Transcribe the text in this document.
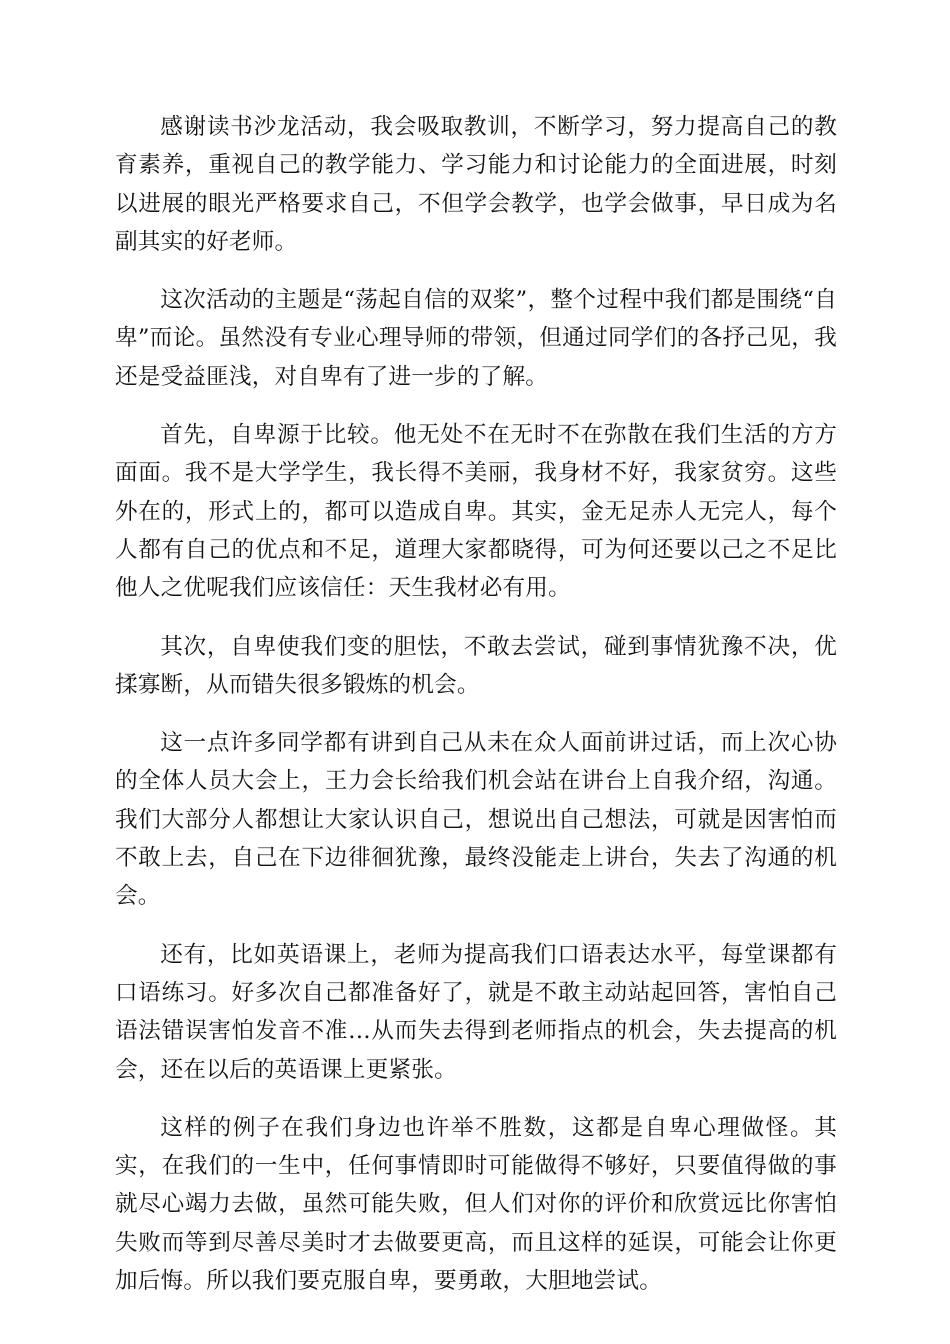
感谢读书沙龙活动，我会吸取教训，不断学习，努力提高自己的教育素养，重视自己的教学能力、学习能力和讨论能力的全面进展，时刻以进展的眼光严格要求自己，不但学会教学，也学会做事，早日成为名副其实的好老师。

这次活动的主题是“荡起自信的双桨”，整个过程中我们都是围绕“自卑”而论。虽然没有专业心理导师的带领，但通过同学们的各抒己见，我还是受益匪浅，对自卑有了进一步的了解。

首先，自卑源于比较。他无处不在无时不在弥散在我们生活的方方面面。我不是大学学生，我长得不美丽，我身材不好，我家贫穷。这些外在的，形式上的，都可以造成自卑。其实，金无足赤人无完人，每个人都有自己的优点和不足，道理大家都晓得，可为何还要以己之不足比他人之优呢我们应该信任：天生我材必有用。

其次，自卑使我们变的胆怯，不敢去尝试，碰到事情犹豫不决，优揉寡断，从而错失很多锻炼的机会。

这一点许多同学都有讲到自己从未在众人面前讲过话，而上次心协的全体人员大会上，王力会长给我们机会站在讲台上自我介绍，沟通。我们大部分人都想让大家认识自己，想说出自己想法，可就是因害怕而不敢上去，自己在下边徘徊犹豫，最终没能走上讲台，失去了沟通的机会。

还有，比如英语课上，老师为提高我们口语表达水平，每堂课都有口语练习。好多次自己都准备好了，就是不敢主动站起回答，害怕自己语法错误害怕发音不准…从而失去得到老师指点的机会，失去提高的机会，还在以后的英语课上更紧张。

这样的例子在我们身边也许举不胜数，这都是自卑心理做怪。其实，在我们的一生中，任何事情即时可能做得不够好，只要值得做的事就尽心竭力去做，虽然可能失败，但人们对你的评价和欣赏远比你害怕失败而等到尽善尽美时才去做要更高，而且这样的延误，可能会让你更加后悔。所以我们要克服自卑，要勇敢，大胆地尝试。
